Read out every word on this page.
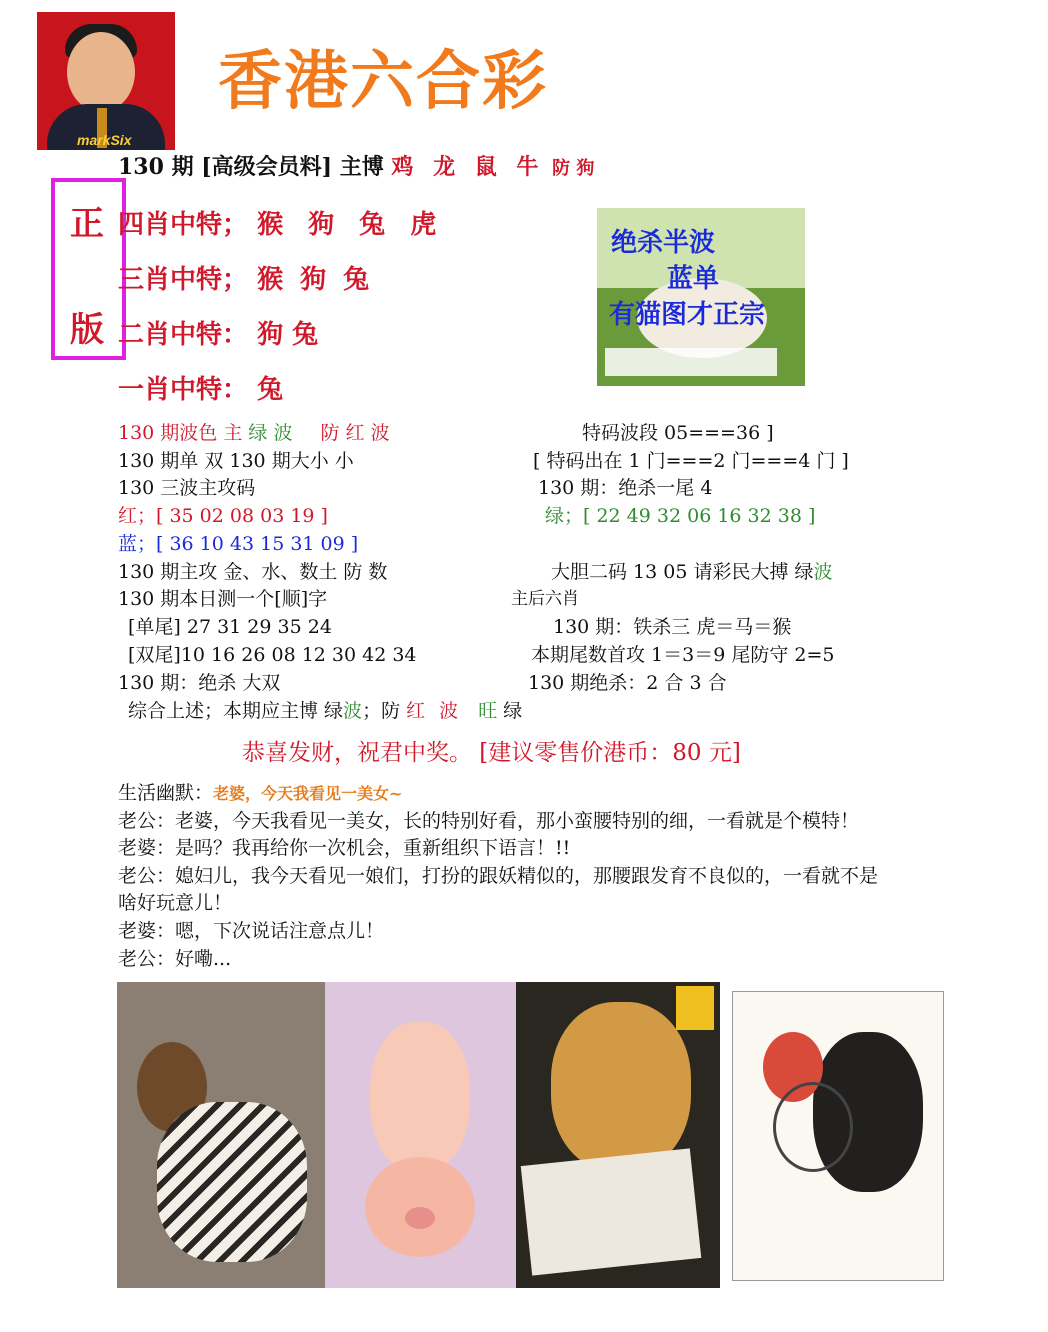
markSix
香港六合彩
正
版
130 期 [高级会员料] 主博 鸡 龙 鼠 牛 防 狗
四肖中特； 猴 狗 兔 虎
三肖中特； 猴 狗 兔
二肖中特： 狗 兔
一肖中特： 兔
绝杀半波
蓝单
有猫图才正宗
130 期波色 主 绿 波 防 红 波	特码波段 05===36 ]
130 期单 双 130 期大小 小	[ 特码出在 1 门===2 门===4 门 ]
130 三波主攻码	130 期：绝杀一尾 4
红；[ 35 02 08 03 19 ]	绿；[ 22 49 32 06 16 32 38 ]
蓝；[ 36 10 43 15 31 09 ]
130 期主攻 金、水、数土 防 数	大胆二码 13 05 请彩民大搏 绿波
130 期本日测一个[顺]字	主后六肖
[单尾] 27 31 29 35 24	130 期：铁杀三 虎＝马＝猴
[双尾]10 16 26 08 12 30 42 34	本期尾数首攻 1＝3＝9 尾防守 2=5
130 期：绝杀 大双	130 期绝杀：2 合 3 合
综合上述；本期应主博 绿波；防 红 波 旺 绿
恭喜发财，祝君中奖。 [建议零售价港币：80 元]
生活幽默：老婆，今天我看见一美女~
老公：老婆，今天我看见一美女，长的特别好看，那小蛮腰特别的细，一看就是个模特！
老婆：是吗？我再给你一次机会，重新组织下语言！!!
老公：媳妇儿，我今天看见一娘们，打扮的跟妖精似的，那腰跟发育不良似的，一看就不是
啥好玩意儿！
老婆：嗯，下次说话注意点儿！
老公：好嘞...
